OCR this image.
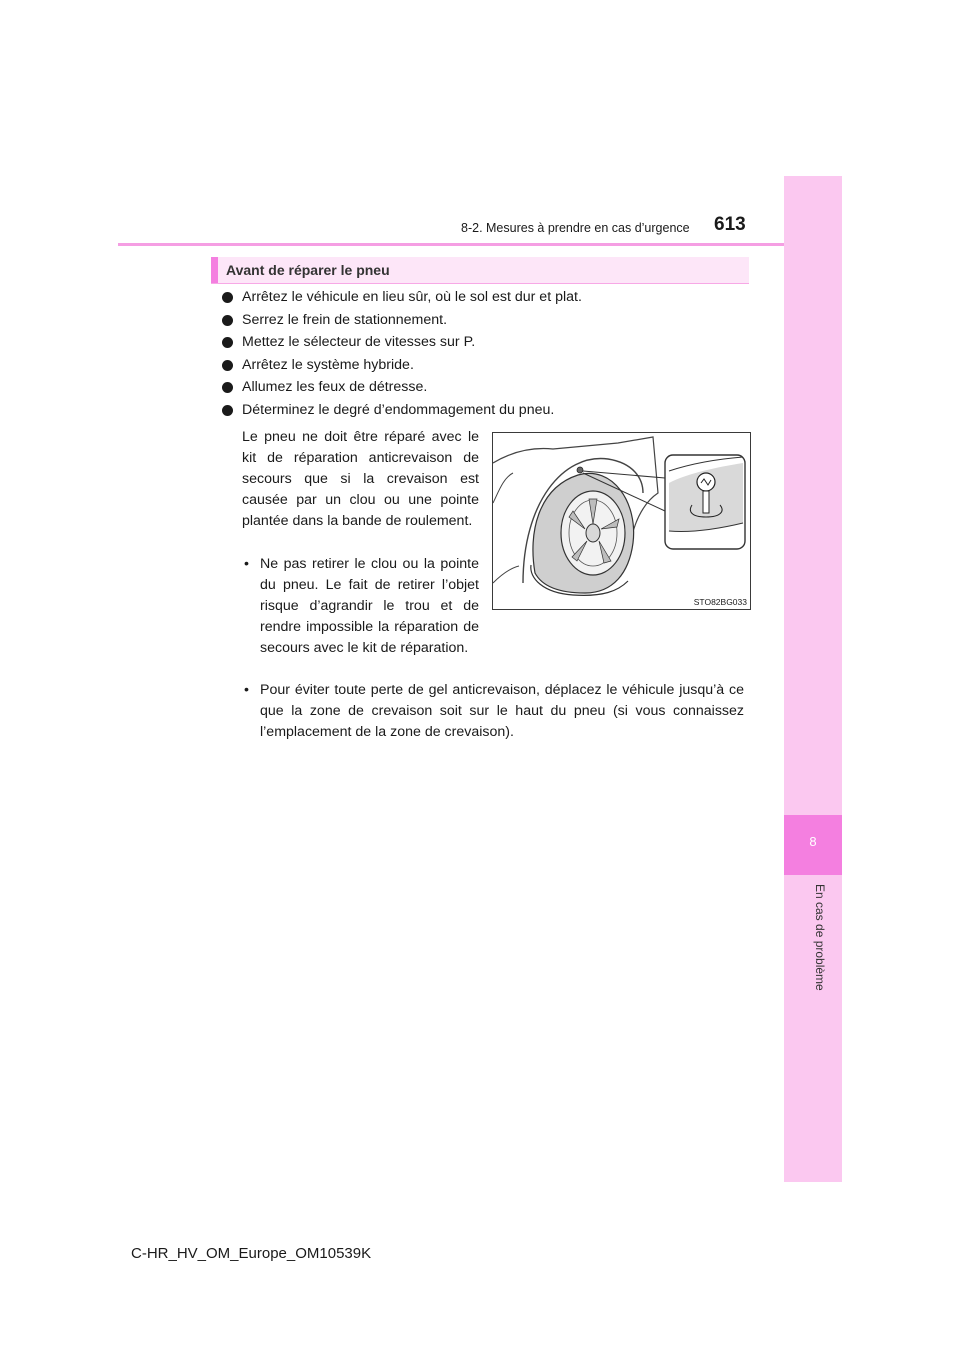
8
En cas de problème
8-2. Mesures à prendre en cas d’urgence 613
Avant de réparer le pneu
Arrêtez le véhicule en lieu sûr, où le sol est dur et plat.
Serrez le frein de stationnement.
Mettez le sélecteur de vitesses sur P.
Arrêtez le système hybride.
Allumez les feux de détresse.
Déterminez le degré d’endommagement du pneu.
Le pneu ne doit être réparé avec le kit de réparation anticrevaison de secours que si la crevaison est causée par un clou ou une pointe plantée dans la bande de roulement.
• Ne pas retirer le clou ou la pointe du pneu. Le fait de retirer l’objet risque d’agrandir le trou et de rendre impossible la réparation de secours avec le kit de réparation.
• Pour éviter toute perte de gel anticrevaison, déplacez le véhicule jusqu’à ce que la zone de crevaison soit sur le haut du pneu (si vous connaissez l’emplacement de la zone de crevaison).
STO82BG033
C-HR_HV_OM_Europe_OM10539K
